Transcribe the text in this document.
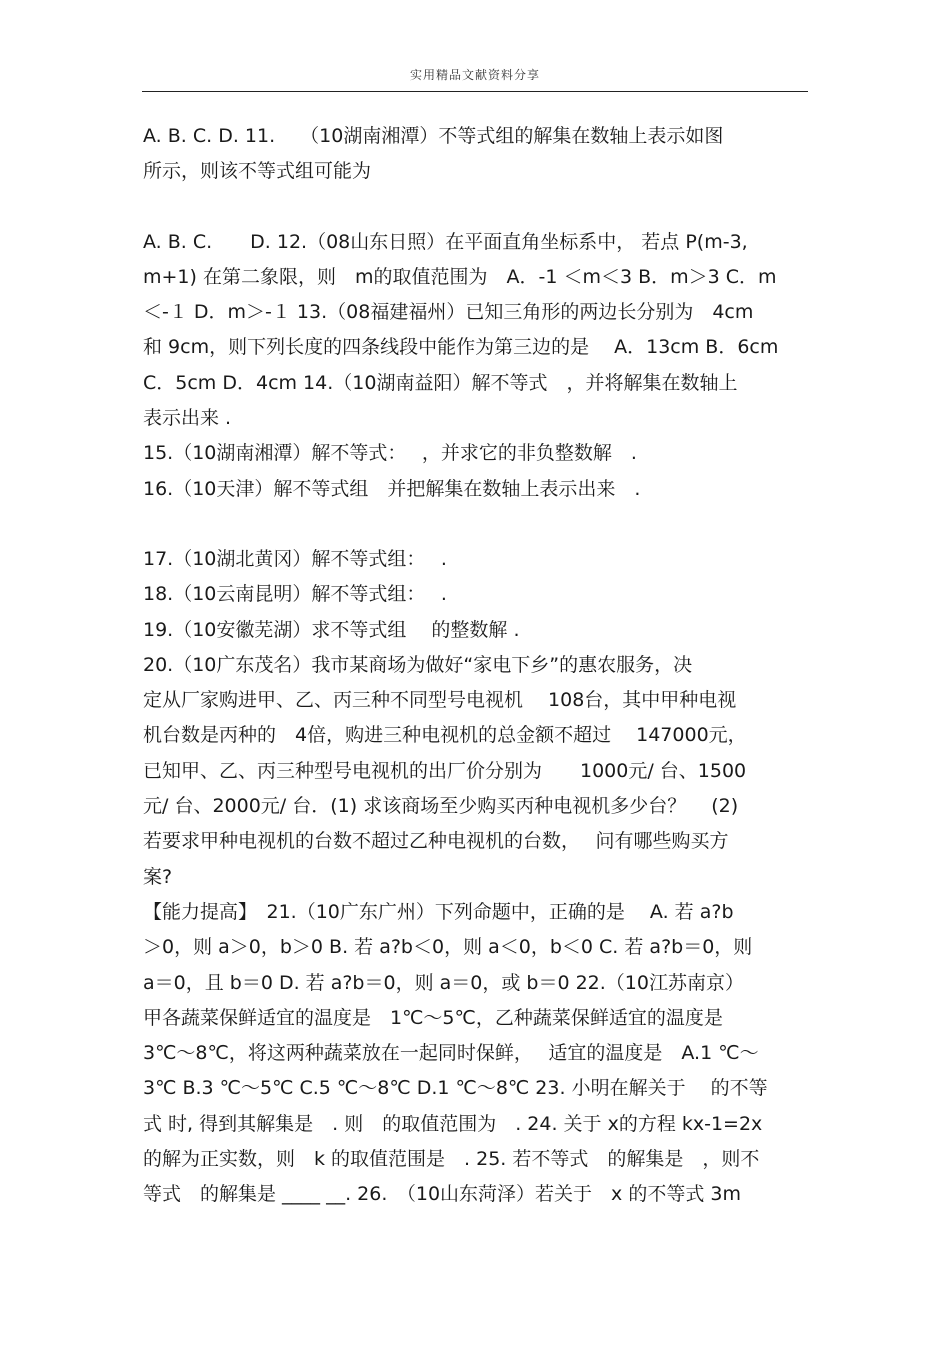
实用精品文献资料分享
A. B. C. D. 11.　 （10湖南湘潭）不等式组的解集在数轴上表示如图
所示，则该不等式组可能为
A. B. C.　　D. 12.（08山东日照）在平面直角坐标系中， 若点 P(m-3,
m+1) 在第二象限，则　m的取值范围为　A．-1 ＜m＜3 B．m＞3 C．m
＜-１ D．m＞-１ 13.（08福建福州）已知三角形的两边长分别为　4cm
和 9cm，则下列长度的四条线段中能作为第三边的是　 A．13cm B．6cm
C．5cm D．4cm 14.（10湖南益阳）解不等式　，并将解集在数轴上
表示出来 .
15.（10湖南湘潭）解不等式：　 ，并求它的非负整数解　.
16.（10天津）解不等式组　并把解集在数轴上表示出来　.
17.（10湖北黄冈）解不等式组：　 .
18.（10云南昆明）解不等式组：　 .
19.（10安徽芜湖）求不等式组　 的整数解 .
20.（10广东茂名）我市某商场为做好“家电下乡”的惠农服务，决
定从厂家购进甲、乙、丙三种不同型号电视机　 108台，其中甲种电视
机台数是丙种的　4倍，购进三种电视机的总金额不超过　 147000元，
已知甲、乙、丙三种型号电视机的出厂价分别为　　1000元/ 台、1500
元/ 台、2000元/ 台．(1) 求该商场至少购买丙种电视机多少台？　 (2)
若要求甲种电视机的台数不超过乙种电视机的台数，　 问有哪些购买方
案?
【能力提高】　21.（10广东广州）下列命题中，正确的是　 A. 若 a?b
＞0，则 a＞0，b＞0 B. 若 a?b＜0，则 a＜0，b＜0 C. 若 a?b＝0，则
a＝0，且 b＝0 D. 若 a?b＝0，则 a＝0，或 b＝0 22.（10江苏南京）
甲各蔬菜保鲜适宜的温度是　1℃～5℃，乙种蔬菜保鲜适宜的温度是
3℃～8℃，将这两种蔬菜放在一起同时保鲜，　 适宜的温度是　A.1 ℃～
3℃ B.3 ℃～5℃ C.5 ℃～8℃ D.1 ℃～8℃ 23. 小明在解关于　 的不等
式 时, 得到其解集是　. 则　的取值范围为　. 24. 关于 x的方程 kx-1=2x
的解为正实数，则　k 的取值范围是　. 25. 若不等式　的解集是　，则不
等式　的解集是 ____ __. 26.　（10山东菏泽）若关于　x 的不等式 3m
